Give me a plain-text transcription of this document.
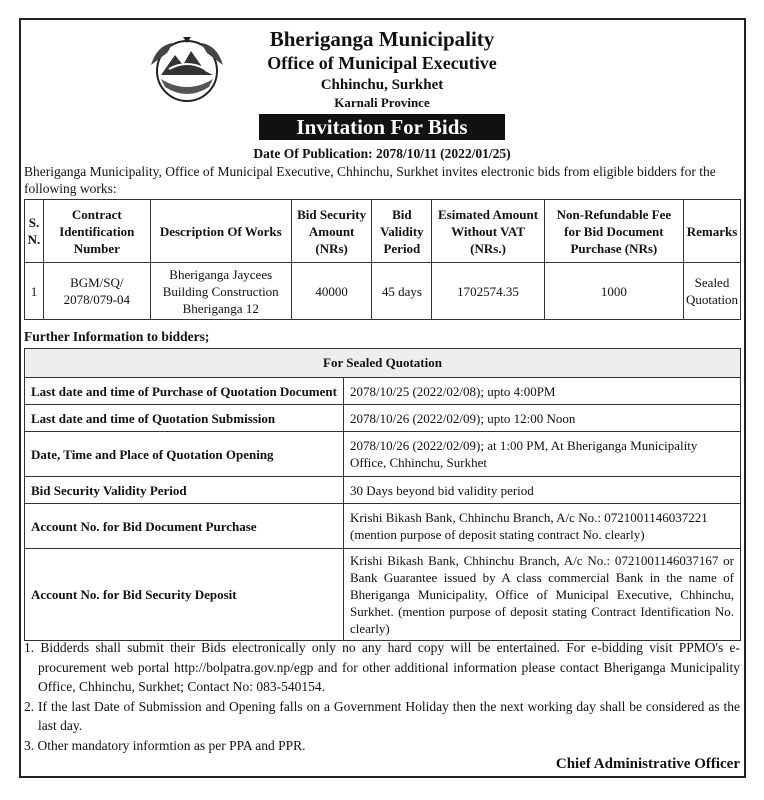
Bheriganga Municipality
Office of Municipal Executive
Chhinchu, Surkhet
Karnali Province
Invitation For Bids
Date Of Publication: 2078/10/11 (2022/01/25)
Bheriganga Municipality, Office of Municipal Executive, Chhinchu, Surkhet invites electronic bids from eligible bidders for the following works:
S. N.	Contract Identification Number	Description Of Works	Bid Security Amount (NRs)	Bid Validity Period	Esimated Amount Without VAT (NRs.)	Non-Refundable Fee for Bid Document Purchase (NRs)	Remarks
1	BGM/SQ/ 2078/079-04	Bheriganga Jaycees Building Construction Bheriganga 12	40000	45 days	1702574.35	1000	Sealed Quotation
Further Information to bidders;
For Sealed Quotation	
Last date and time of Purchase of Quotation Document	2078/10/25 (2022/02/08); upto 4:00PM
Last date and time of Quotation Submission	2078/10/26 (2022/02/09); upto 12:00 Noon
Date, Time and Place of Quotation Opening	2078/10/26 (2022/02/09); at 1:00 PM, At Bheriganga Municipality Office, Chhinchu, Surkhet
Bid Security Validity Period	30 Days beyond bid validity period
Account No. for Bid Document Purchase	Krishi Bikash Bank, Chhinchu Branch, A/c No.: 0721001146037221 (mention purpose of deposit stating contract No. clearly)
Account No. for Bid Security Deposit	Krishi Bikash Bank, Chhinchu Branch, A/c No.: 0721001146037167 or Bank Guarantee issued by A class commercial Bank in the name of Bheriganga Municipality, Office of Municipal Executive, Chhinchu, Surkhet. (mention purpose of deposit stating Contract Identification No. clearly)
1. Bidderds shall submit their Bids electronically only no any hard copy will be entertained. For e-bidding visit PPMO's e-procurement web portal http://bolpatra.gov.np/egp and for other additional information please contact Bheriganga Municipality Office, Chhinchu, Surkhet; Contact No: 083-540154.
2. If the last Date of Submission and Opening falls on a Government Holiday then the next working day shall be considered as the last day.
3. Other mandatory informtion as per PPA and PPR.
Chief Administrative Officer
